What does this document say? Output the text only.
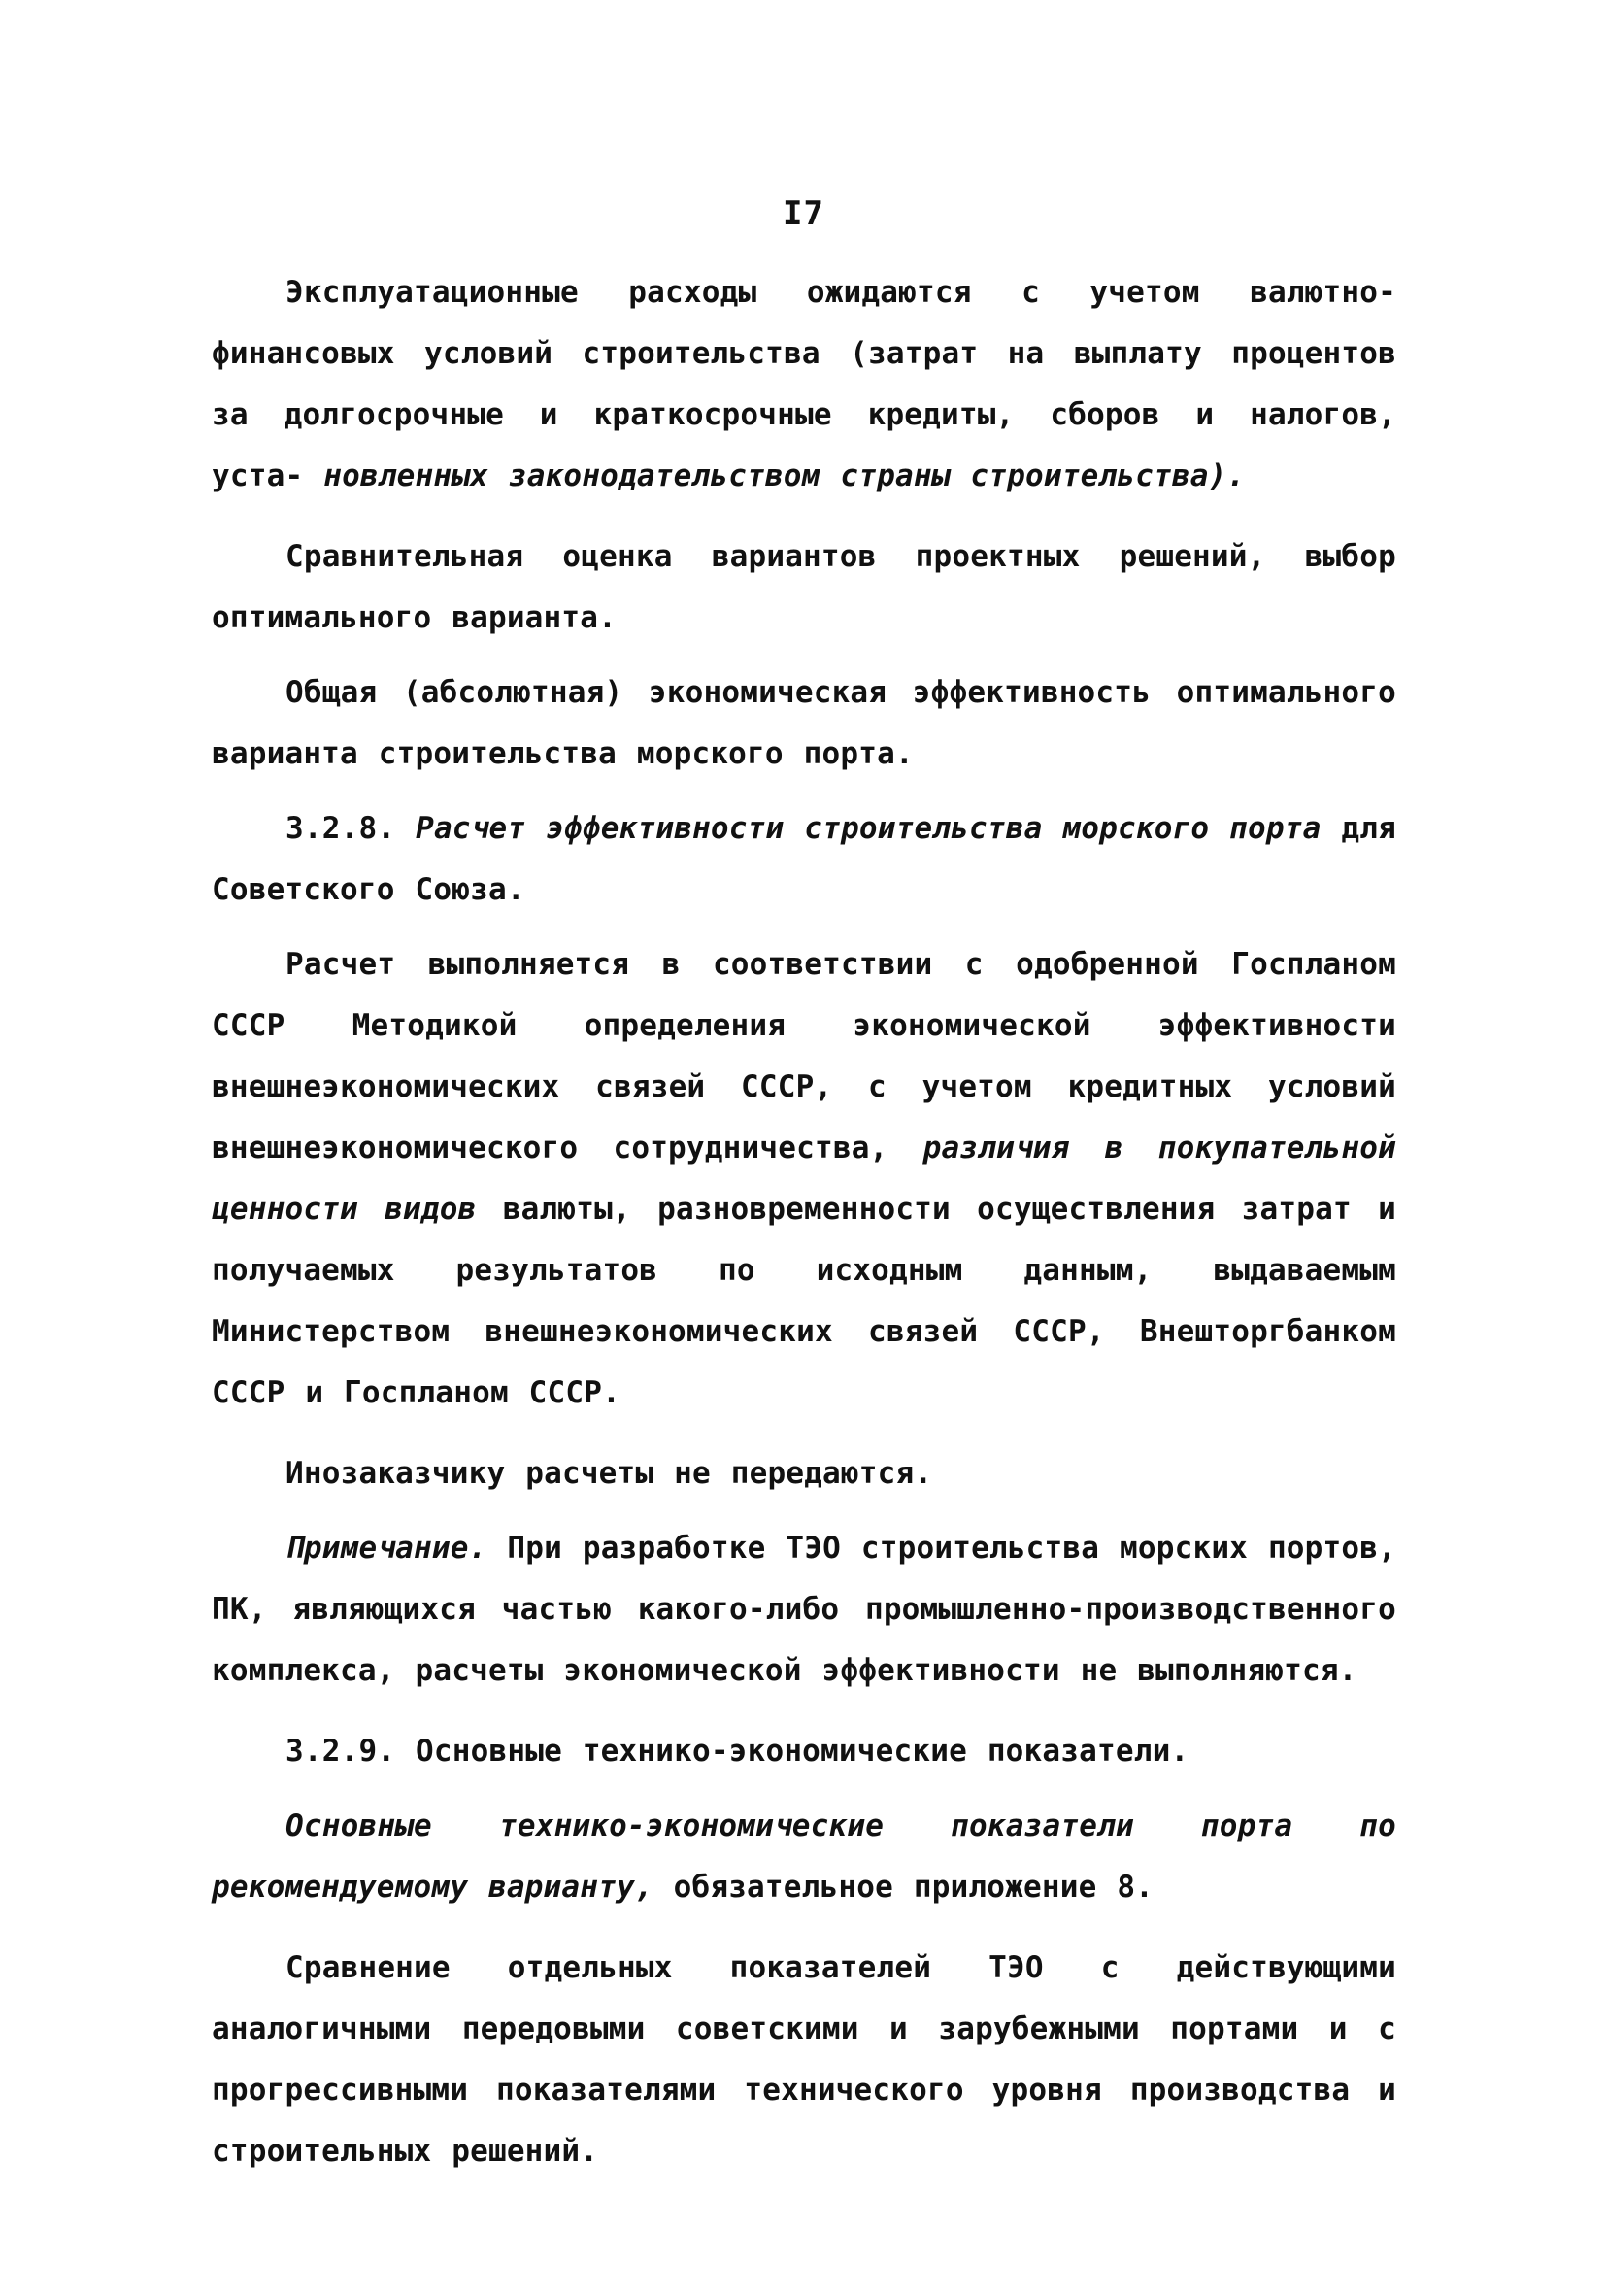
I7

Эксплуатационные расходы ожидаются с учетом валютно-финансовых условий строительства (затрат на выплату процентов за долгосрочные и краткосрочные кредиты, сборов и налогов, уста- новленных законодательством страны строительства).

Сравнительная оценка вариантов проектных решений, выбор оптимального варианта.

Общая (абсолютная) экономическая эффективность оптимального варианта строительства морского порта.

3.2.8. Расчет эффективности строительства морского порта для Советского Союза.

Расчет выполняется в соответствии с одобренной Госпланом СССР Методикой определения экономической эффективности внешнеэкономических связей СССР, с учетом кредитных условий внешнеэкономического сотрудничества, различия в покупательной ценности видов валюты, разновременности осуществления затрат и получаемых результатов по исходным данным, выдаваемым Министерством внешнеэкономических связей СССР, Внешторгбанком СССР и Госпланом СССР.

Инозаказчику расчеты не передаются.

Примечание. При разработке ТЭО строительства морских портов, ПК, являющихся частью какого-либо промышленно-производственного комплекса, расчеты экономической эффективности не выполняются.

3.2.9. Основные технико-экономические показатели.

Основные технико-экономические показатели порта по рекомендуемому варианту, обязательное приложение 8.

Сравнение отдельных показателей ТЭО с действующими аналогичными передовыми советскими и зарубежными портами и с прогрессивными показателями технического уровня производства и строительных решений.
